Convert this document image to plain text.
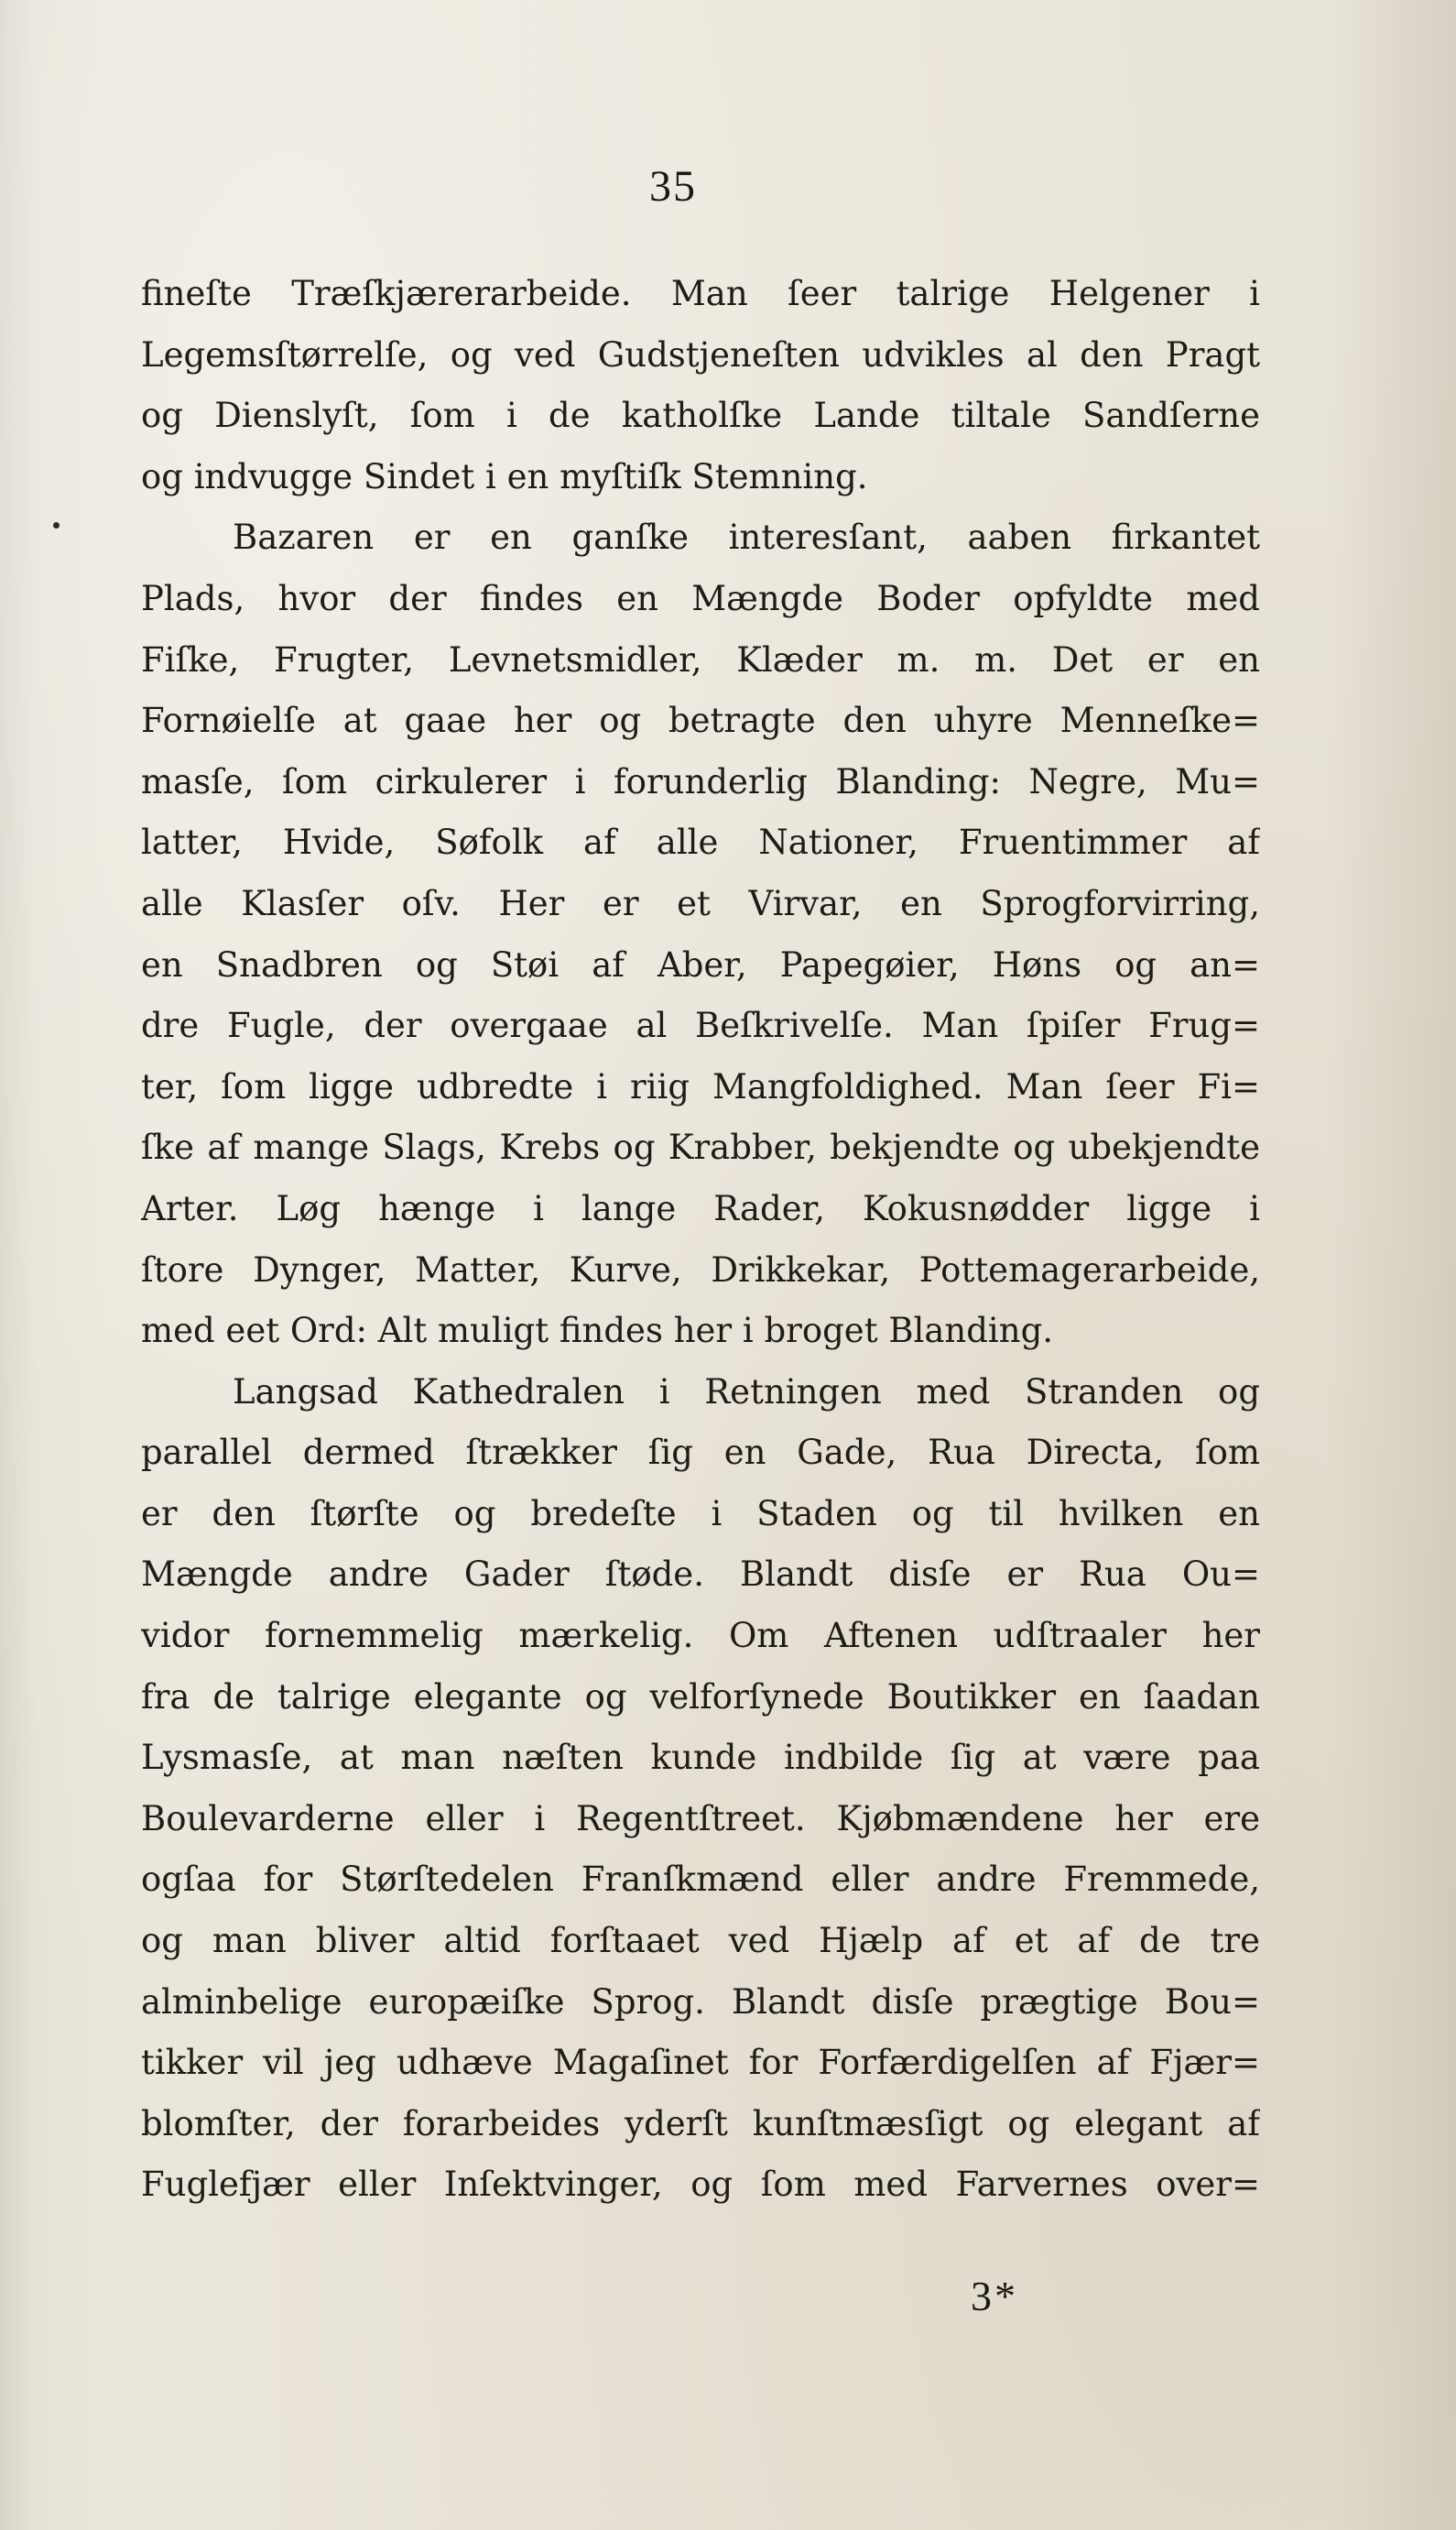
35
fineſte Træſkjærerarbeide. Man ſeer talrige Helgener i
Legemsſtørrelſe, og ved Gudstjeneſten udvikles al den Pragt
og Dienslyſt, ſom i de katholſke Lande tiltale Sandſerne
og indvugge Sindet i en myſtiſk Stemning.
Bazaren er en ganſke interesſant, aaben firkantet
Plads, hvor der findes en Mængde Boder opfyldte med
Fiſke, Frugter, Levnetsmidler, Klæder m. m. Det er en
Fornøielſe at gaae her og betragte den uhyre Menneſke=
masſe, ſom cirkulerer i forunderlig Blanding: Negre, Mu=
latter, Hvide, Søfolk af alle Nationer, Fruentimmer af
alle Klasſer oſv. Her er et Virvar, en Sprogforvirring,
en Snadbren og Støi af Aber, Papegøier, Høns og an=
dre Fugle, der overgaae al Beſkrivelſe. Man ſpiſer Frug=
ter, ſom ligge udbredte i riig Mangfoldighed. Man ſeer Fi=
ſke af mange Slags, Krebs og Krabber, bekjendte og ubekjendte
Arter. Løg hænge i lange Rader, Kokusnødder ligge i
ſtore Dynger, Matter, Kurve, Drikkekar, Pottemagerarbeide,
med eet Ord: Alt muligt findes her i broget Blanding.
Langsad Kathedralen i Retningen med Stranden og
parallel dermed ſtrækker ſig en Gade, Rua Directa, ſom
er den ſtørſte og bredeſte i Staden og til hvilken en
Mængde andre Gader ſtøde. Blandt disſe er Rua Ou=
vidor fornemmelig mærkelig. Om Aftenen udſtraaler her
fra de talrige elegante og velforſynede Boutikker en ſaadan
Lysmasſe, at man næſten kunde indbilde ſig at være paa
Boulevarderne eller i Regentſtreet. Kjøbmændene her ere
ogſaa for Størſtedelen Franſkmænd eller andre Fremmede,
og man bliver altid forſtaaet ved Hjælp af et af de tre
alminbelige europæiſke Sprog. Blandt disſe prægtige Bou=
tikker vil jeg udhæve Magaſinet for Forfærdigelſen af Fjær=
blomſter, der forarbeides yderſt kunſtmæsſigt og elegant af
Fuglefjær eller Inſektvinger, og ſom med Farvernes over=
3*
